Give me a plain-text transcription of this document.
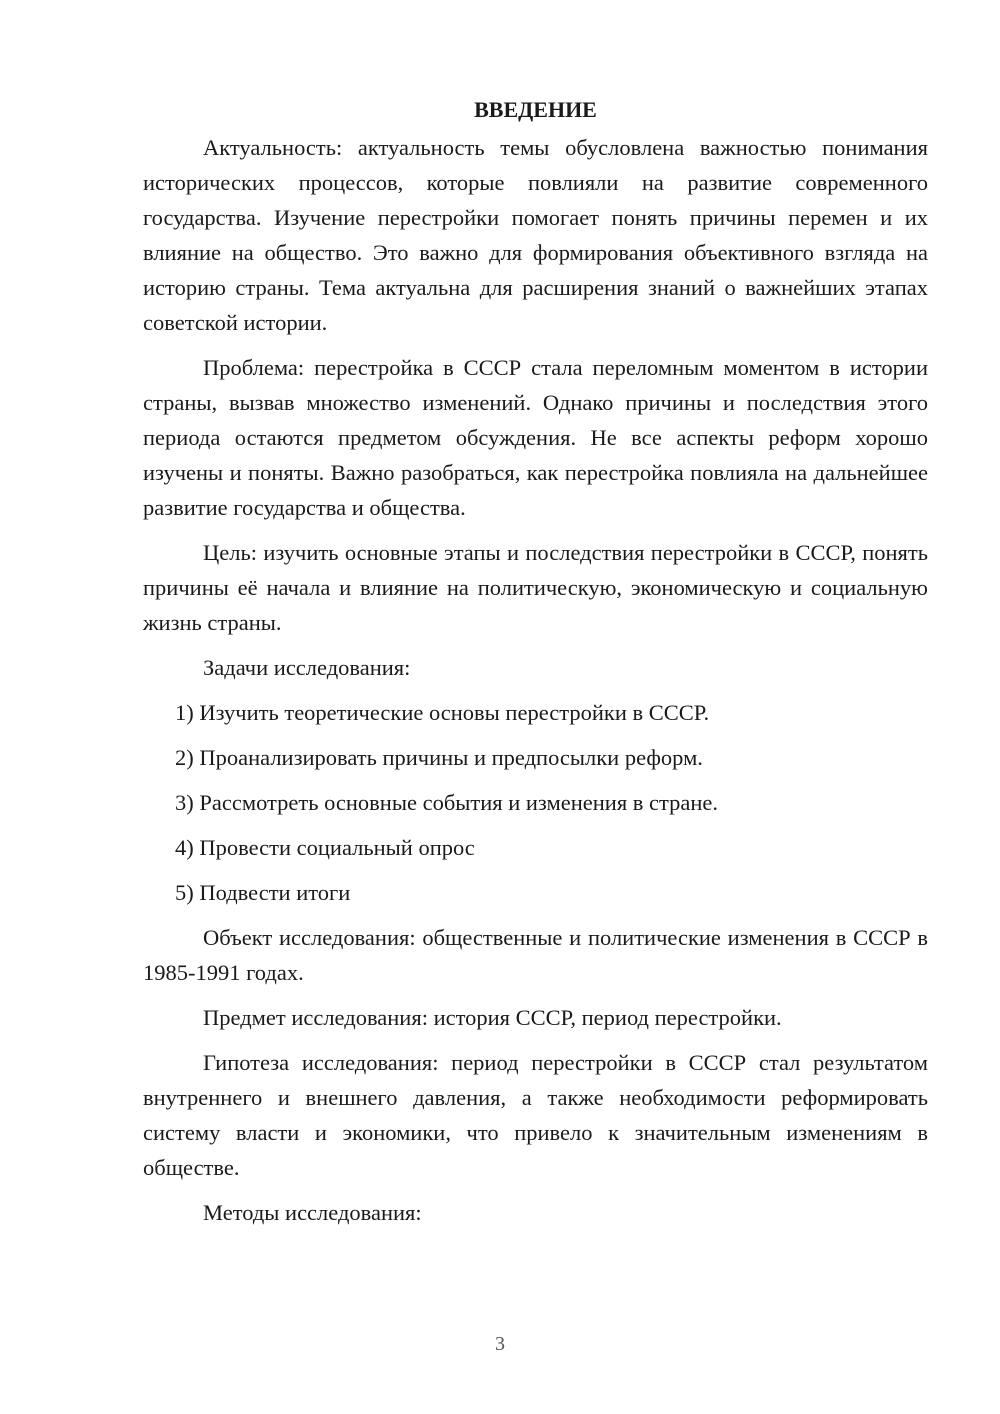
ВВЕДЕНИЕ

Актуальность: актуальность темы обусловлена важностью понимания исторических процессов, которые повлияли на развитие современного государства. Изучение перестройки помогает понять причины перемен и их влияние на общество. Это важно для формирования объективного взгляда на историю страны. Тема актуальна для расширения знаний о важнейших этапах советской истории.

Проблема: перестройка в СССР стала переломным моментом в истории страны, вызвав множество изменений. Однако причины и последствия этого периода остаются предметом обсуждения. Не все аспекты реформ хорошо изучены и поняты. Важно разобраться, как перестройка повлияла на дальнейшее развитие государства и общества.

Цель: изучить основные этапы и последствия перестройки в СССР, понять причины её начала и влияние на политическую, экономическую и социальную жизнь страны.

Задачи исследования:

1) Изучить теоретические основы перестройки в СССР.

2) Проанализировать причины и предпосылки реформ.

3) Рассмотреть основные события и изменения в стране.

4) Провести социальный опрос

5) Подвести итоги

Объект исследования: общественные и политические изменения в СССР в 1985-1991 годах.

Предмет исследования: история СССР, период перестройки.

Гипотеза исследования: период перестройки в СССР стал результатом внутреннего и внешнего давления, а также необходимости реформировать систему власти и экономики, что привело к значительным изменениям в обществе.

Методы исследования:

3
